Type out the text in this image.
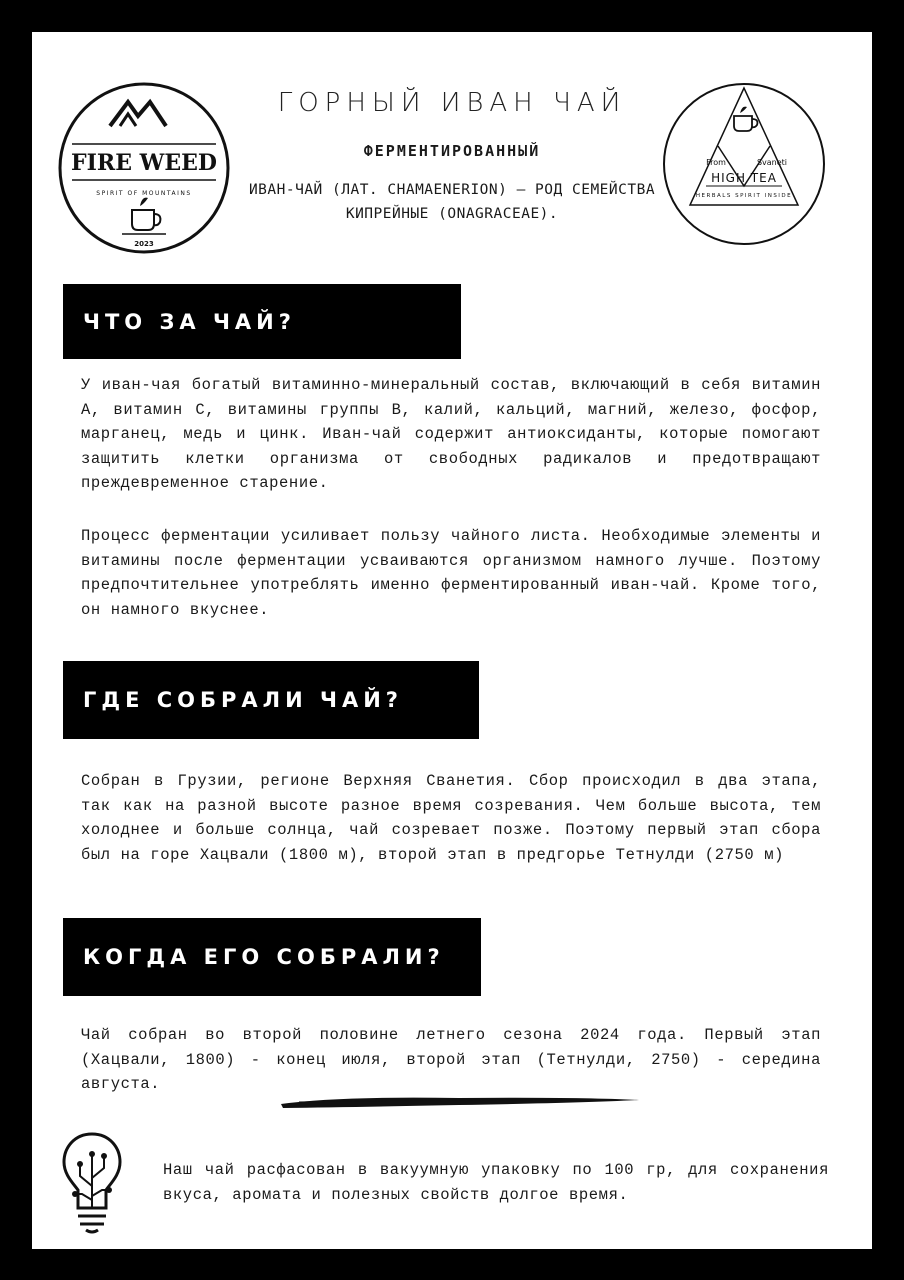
FIRE WEED
SPIRIT OF MOUNTAINS
2023
ГОРНЫЙ ИВАН ЧАЙ
ФЕРМЕНТИРОВАННЫЙ
ИВАН-ЧАЙ (ЛАТ. CHAMAENERION) — РОД СЕМЕЙСТВА КИПРЕЙНЫЕ (ONAGRACEAE).
From	Svaneti
HIGH TEA
HERBALS SPIRIT INSIDE
ЧТО ЗА ЧАЙ?
У иван-чая богатый витаминно-минеральный состав, включающий в себя витамин А, витамин С, витамины группы В, калий, кальций, магний, железо, фосфор, марганец, медь и цинк. Иван-чай содержит антиоксиданты, которые помогают защитить клетки организма от свободных радикалов и предотвращают преждевременное старение.
Процесс ферментации усиливает пользу чайного листа. Необходимые элементы и витамины после ферментации усваиваются организмом намного лучше. Поэтому предпочтительнее употреблять именно ферментированный иван-чай. Кроме того, он намного вкуснее.
ГДЕ СОБРАЛИ ЧАЙ?
Собран в Грузии, регионе Верхняя Сванетия. Сбор происходил в два этапа, так как на разной высоте разное время созревания. Чем больше высота, тем холоднее и больше солнца, чай созревает позже. Поэтому первый этап сбора был на горе Хацвали (1800 м), второй этап в предгорье Тетнулди (2750 м)
КОГДА ЕГО СОБРАЛИ?
Чай собран во второй половине летнего сезона 2024 года. Первый этап (Хацвали, 1800) - конец июля, второй этап (Тетнулди, 2750) - середина августа.
Наш чай расфасован в вакуумную упаковку по 100 гр, для сохранения вкуса, аромата и полезных свойств долгое время.
